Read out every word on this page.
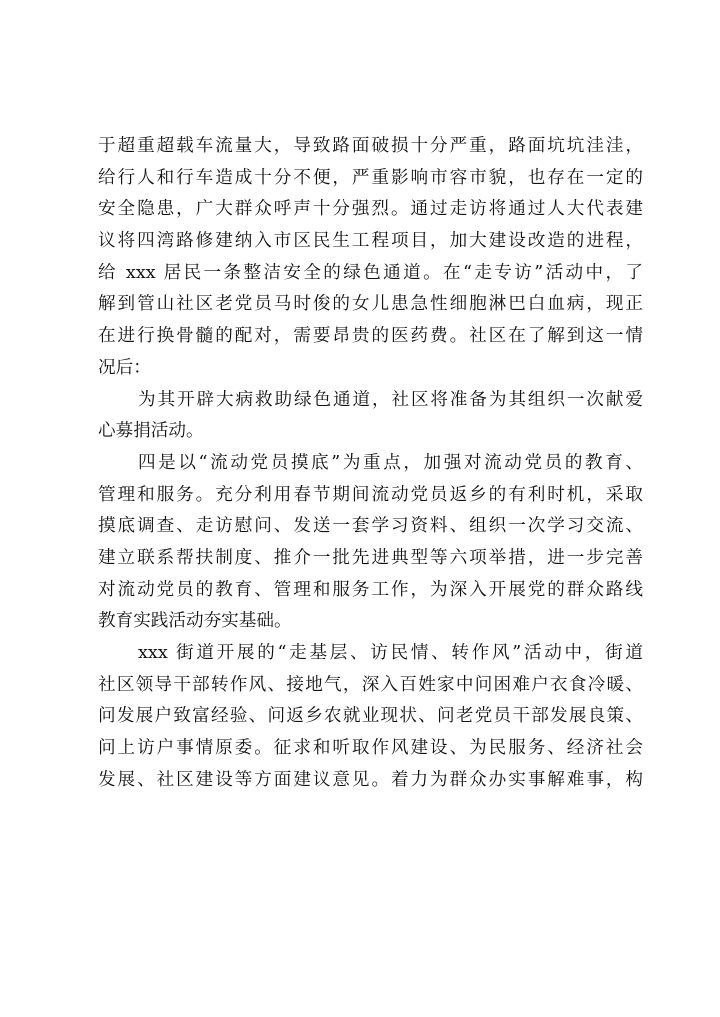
于超重超载车流量大，导致路面破损十分严重，路面坑坑洼洼，
给行人和行车造成十分不便，严重影响市容市貌，也存在一定的
安全隐患，广大群众呼声十分强烈。通过走访将通过人大代表建
议将四湾路修建纳入市区民生工程项目，加大建设改造的进程，
给 xxx 居民一条整洁安全的绿色通道。在“走专访”活动中，了
解到管山社区老党员马时俊的女儿患急性细胞淋巴白血病，现正
在进行换骨髓的配对，需要昂贵的医药费。社区在了解到这一情
况后：
为其开辟大病救助绿色通道，社区将准备为其组织一次献爱
心募捐活动。
四是以“流动党员摸底”为重点，加强对流动党员的教育、
管理和服务。充分利用春节期间流动党员返乡的有利时机，采取
摸底调查、走访慰问、发送一套学习资料、组织一次学习交流、
建立联系帮扶制度、推介一批先进典型等六项举措，进一步完善
对流动党员的教育、管理和服务工作，为深入开展党的群众路线
教育实践活动夯实基础。
xxx 街道开展的“走基层、访民情、转作风”活动中，街道
社区领导干部转作风、接地气，深入百姓家中问困难户衣食冷暖、
问发展户致富经验、问返乡农就业现状、问老党员干部发展良策、
问上访户事情原委。征求和听取作风建设、为民服务、经济社会
发展、社区建设等方面建议意见。着力为群众办实事解难事，构
